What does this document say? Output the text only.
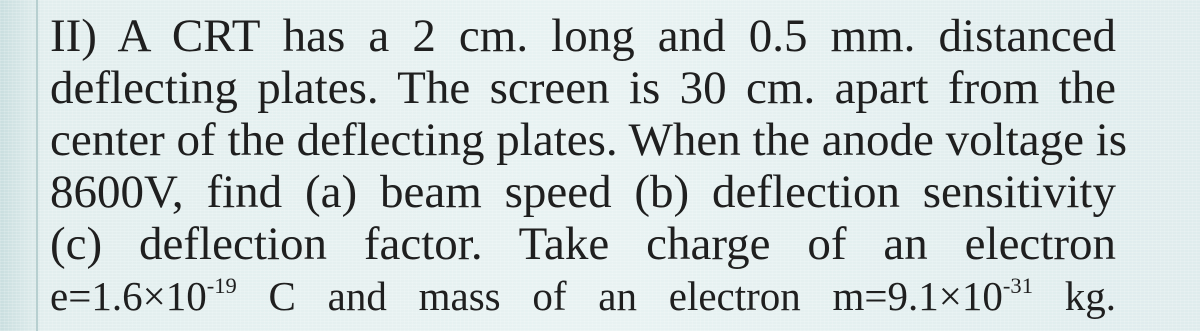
II) A CRT has a 2 cm. long and 0.5 mm. distanced
deflecting plates. The screen is 30 cm. apart from the
center of the deflecting plates. When the anode voltage is
8600V, find (a) beam speed (b) deflection sensitivity
(c) deflection factor. Take charge of an electron
$e=1.6\times 10^{-19}$ C and mass of an electron $m=9.1\times 10^{-31}$ kg.
